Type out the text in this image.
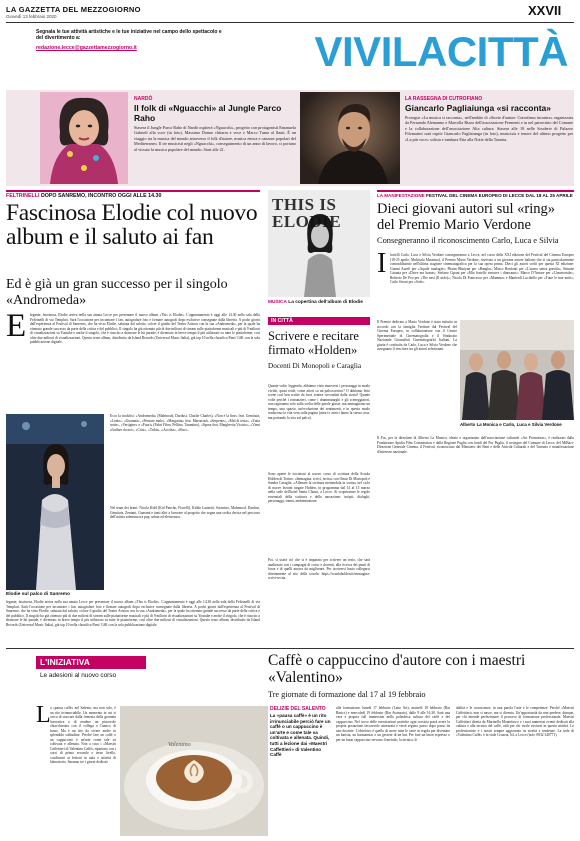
LA GAZZETTA DEL MEZZOGIORNO
Giovedì 13 febbraio 2020	XXVII
Segnala le tue attività artistiche e le tue iniziative nel campo dello spettacolo e del divertimento a:
redazione.lecce@gazzettamezzogiorno.it	VIVILACITTÀ
NARDÒ
Il folk di «Nguacchi» al Jungle Parco Raho
Stasera il Jungle Parco Raho di Nardò ospiterà «Nguacchi», progetto con protagonisti Emanuela Gabrieli alla voce (in foto), Massimo Donno chitarra e voce e Marco Tuma al flauti. È un viaggio tra la musica del mondo attraverso il folk d'autore, musica etnica e canzoni popolari del Mediterraneo. Il tre musicisti negli «Nguacchi», conseguimento di un anno di lavoro, ci portano al vissuto la musica popolare del mondo. Start alle 21.
LA RASSEGNA DI CUTROFIANO
Giancarlo Pagliaiunga «si racconta»
Prosegue «La musica si racconta», nell'ambito di «Storie d'autore. Cutrofiano incontra» organizzata da Fernando Alemanno e Marcella Rizzo dell'associazione Fermenti e tu nel patrocinio del Comune e la collaborazione dell'associazione Alta cultura. Stasera alle 18 nelle Scuderie di Palazzo Filomarini sarà ospite Giancarlo Pagliaiunga (in foto), musicista e tenore del ultimo progetto per «La più voce» solista e tambura Etta alla Notte della Taranta.
FELTRINELLI DOPO SANREMO, INCONTRO OGGI ALLE 14.30
Fascinosa Elodie col nuovo album e il saluto ai fan
Ed è già un gran successo per il singolo «Andromeda»
E legante, fascinosa, Elodie arriva nella sua amata Lecce per presentare il nuovo album «This is Elodie». L'appuntamento è oggi alle 14.30 nella sala della Feltrinelli di via Templari. Sarà l'occasione per incontrare i fan, autografare foto e firmare autografi dopo esclusive consegnate dalla libreria. A pochi giorni dall'esperienza al Festival di Sanremo, che ha visto Elodie, salutata dal salotto, colore il giudio del Teatro Ariston con la sua «Andromeda», per la quale ha ottenuto grande successo da parte della critica e del pubblico. Il singolo ha già ottenuto più di due milioni di stream sulle piattaforme musicali e più di 9 milioni di visualizzazioni su Youtube e anche il singolo, che è riuscito a sbancare le hit parade, è diventato in breve tempo il più utilizzato su tutte le piattaforme, così oltre due milioni di visualizzazioni. Questo terzo album, distribuito da Island Records (Universal Music Italia), già top 10 nella classifica Fimi/ GfK con la sola pubblicazione digitale.
Elodie sul palco di Sanremo
Ecco la tracklist: «Andromeda» (Mahmood, Dardust, Charlie Charles), «Non è la fine» feat. Gemitaiz, «Lento», «Guaranà», «Pensare male», «Margarita» feat. Marracash, «Serpente», «Mal di testa», «Tutta notte», «Vertigine» e «Fuori» (Fabri Fibra, Pellino, Tarantino), «Sposa feat. Margherita Vicario», «Vieni a ballare da noi», «Crisi», «Tribù», «Ascolta», «Fine».
Nel team dei brani: Nicola Kidd (Kid Pancho, Fiorelli), Kiddo Lanzetti, Sciarrino, Mahmood, Dardust, Gemitaiz, Zentani, Guaranà e tanti altri a lavorare al progetto che segna una svolta decisa nel percorso dell'artista salentina tra pop, urban ed elettronica.
legante, fascinosa, Elodie arriva nella sua amata Lecce per presentare il nuovo album «This is Elodie». L'appuntamento è oggi alle 14.30 nella sala della Feltrinelli di via Templari. Sarà l'occasione per incontrare i fan, autografare foto e firmare autografi dopo esclusive consegnate dalla libreria. A pochi giorni dall'esperienza al Festival di Sanremo, che ha visto Elodie, salutata dal salotto, colore il giudio del Teatro Ariston con la sua «Andromeda», per la quale ha ottenuto grande successo da parte della critica e del pubblico. Il singolo ha già ottenuto più di due milioni di stream sulle piattaforme musicali e più di 9 milioni di visualizzazioni su Youtube e anche il singolo, che è riuscito a sbancare le hit parade, è diventato in breve tempo il più utilizzato su tutte le piattaforme, così oltre due milioni di visualizzazioni. Questo terzo album, distribuito da Island Records (Universal Music Italia), già top 10 nella classifica Fimi/ GfK con la sola pubblicazione digitale.
THIS IS ELODIE
MUSICA La copertina dell'album di Elodie
IN CITTÀ
Scrivere e recitare firmato «Holden»
Docenti Di Monopoli e Caraglia
Quante volte, leggendo, abbiamo visto muoversi i personaggi in modo vivido, quasi reale, come attori su un palcoscenico? O abbiamo letto scene così ben scritte da farci sentire circondati dalla storia? Quante volte perché i romanzieri, come i drammaturghi e gli sceneggiatori, non ragionano solo sulla scelta delle parole giuste, ma immaginano un tempo, uno spazio, un'evoluzione dei sentimenti, e in questo modo traducono la vita vera sulla pagina (attori e attrici fanno la stessa cosa, ma portando la vita sul palco).
Sono aperte le iscrizioni al nuovo corso di scrittura della Scuola Holden di Torino: «Immagina, scrivi, recita» con Omar Di Monopoli e Sandra Caraglia. «Allenare la scrittura mettendola in scena» nel ciclo di nuove lezioni targate Holden, in programma dal 14 al 15 marzo nella sede dell'hotel Santa Chiara, a Lecce. Si scopriranno le regole essenziali della scrittura e della narrazione: incipit, dialoghi, personaggi, trama, ambientazione.
Poi, si userà ciò che si è imparato per scrivere un testo, che sarà analizzato con i compagni di corso e docenti, alla ricerca dei punti di forza e di quelli ancora da migliorare. Per iscriversi basta collegarsi direttamente al sito della scuola: https://scuolaholden.it/immagina-scrivi-recita.
LA MANIFESTAZIONE FESTIVAL DEL CINEMA EUROPEO DI LECCE DAL 18 AL 25 APRILE
Dieci giovani autori sul «ring» del Premio Mario Verdone
Consegneranno il riconoscimento Carlo, Luca e Silvia
I fratelli Carlo, Luca e Silvia Verdone consegneranno a Lecce, nel corso della XXI edizione del Festival del Cinema Europeo (18-25 aprile, Multisala Massimo), il Premio Mario Verdone, riservato a un giovane autore italiano che si sia particolarmente contraddistinto nell'ultima stagione cinematografica per la sua opera prima. Dieci gli autori scelti per questa XI edizione: Gianni Aureli per «Aquile randagie»; Phaim Bhuiyan per «Bangla»; Marco Bonfanti per «L'uomo senza gravità»; Simone Catania per «Drive me home»; Stefano Cipani per «Mio fratello rincorre i dinosauri»; Marco D'Amore per «L'immortale»; Roberto De Feo per «The nest (Il nido)»; Nicola Di Francesco per «Mamma» e Manfredi Lucibello per «Tutte le mie notti»; Carlo Sironi per «Sole».
Il Premio dedicato a Mario Verdone è stato istituito in accordo con la famiglia Verdone dal Festival del Cinema Europeo, in collaborazione con il Centro Sperimentale di Cinematografia e il Sindacato Nazionale Giornalisti Cinematografici Italiani. La giuria è costituita da Carlo, Luca e Silvia Verdone che assegnano il vincitore tra gli autori selezionati.
Alberto La Monica e Carlo, Luca e Silvia Verdone
Il Fos, per la direzione di Alberto La Monica, ideato e organizzato dall'associazione culturale «Art Promotion», è realizzato dalla Fondazione Apulia Film Commission e dalla Regione Puglia con fondi del Por Puglia, il sostegno del Comune di Lecce, del MiBact-Direzione Generale Cinema, il Festival, riconosciuto dal Ministero dei Beni e delle Attività Culturali e del Turismo e manifestazione d'interesse nazionale.
L'INIZIATIVA
Le adesioni al nuovo corso
Caffè o cappuccino d'autore con i maestri «Valentino»
Tre giornate di formazione dal 17 al 19 febbraio
L a «pausa caffè» nel Salento, ma non solo, è un rito irrinunciabile. Un momento in cui si cerca di staccare dalla frenesia della giornata lavorativa o di rendere un piacevole chiacchierata con il collega o l'amico di turno. Ma è un rito da vivere anche in splendida solitudine. Perché fare un caffè o un cappuccino è un'arte come tale va coltivata e allenata. Non a caso i «Maestri Caffettieri di Valentino Caffè» ripartono con i corsi di primo secondo e terzo livello, coadiuvati ai lezioni in aula e attività di laboratorio. Saranno tre i giorni dedicati
Valentino
DELIZIE DEL SALENTO
La «pausa caffè» è un rito irrinunciabile perciò fare un caffè o un cappuccino è un'arte e come tale va coltivata e allenata. Quindi, tutti a lezione dai «Maestri Caffettieri» di Valentino Caffè
alla formazione: lunedì 17 febbraio (Latte Art); martedì 18 febbraio (Bar Basics) e mercoledì 19 febbraio (Bar Avanzato), dalle 9 alle 16.30. Sarà una vera e propria full immersion nella poliedrica cultura del caffè e del cappuccino. Nel corso delle esercitazioni pratiche ogni corsista potrà avere la propria postazione favorevole attrezzata e verrà seguito passo dopo passo da uno docente. L'obiettivo è quello di avere tutte le carte in regola per diventare un barista, un barmanstar o un gestore di un bar. Per fare un buon espresso o per un buon cappuccino servono il metodo, la tecnica, le
abilità e le conoscenze, in una parola l'arte e le competenze. Perché «Maestri Caffettieri» non si nasce, ma si diventa. Un'opportunità da non perdere, dunque, per chi intende perfezionare il percorso di formazione professionale. Maestri Caffettieri diretta da Marinella Montefusco e i suoi numerosi eventi dedicati alla cultura e alla tecnica del caffè, utili per chi vuole avviarsi in questa attività. Le professioniste e i nostri sempre aggiornato su novità e tendenze. La sede di «Valentino Caffè» è in viale Croazia, 64, a Lecce (info: 0832 340771).
